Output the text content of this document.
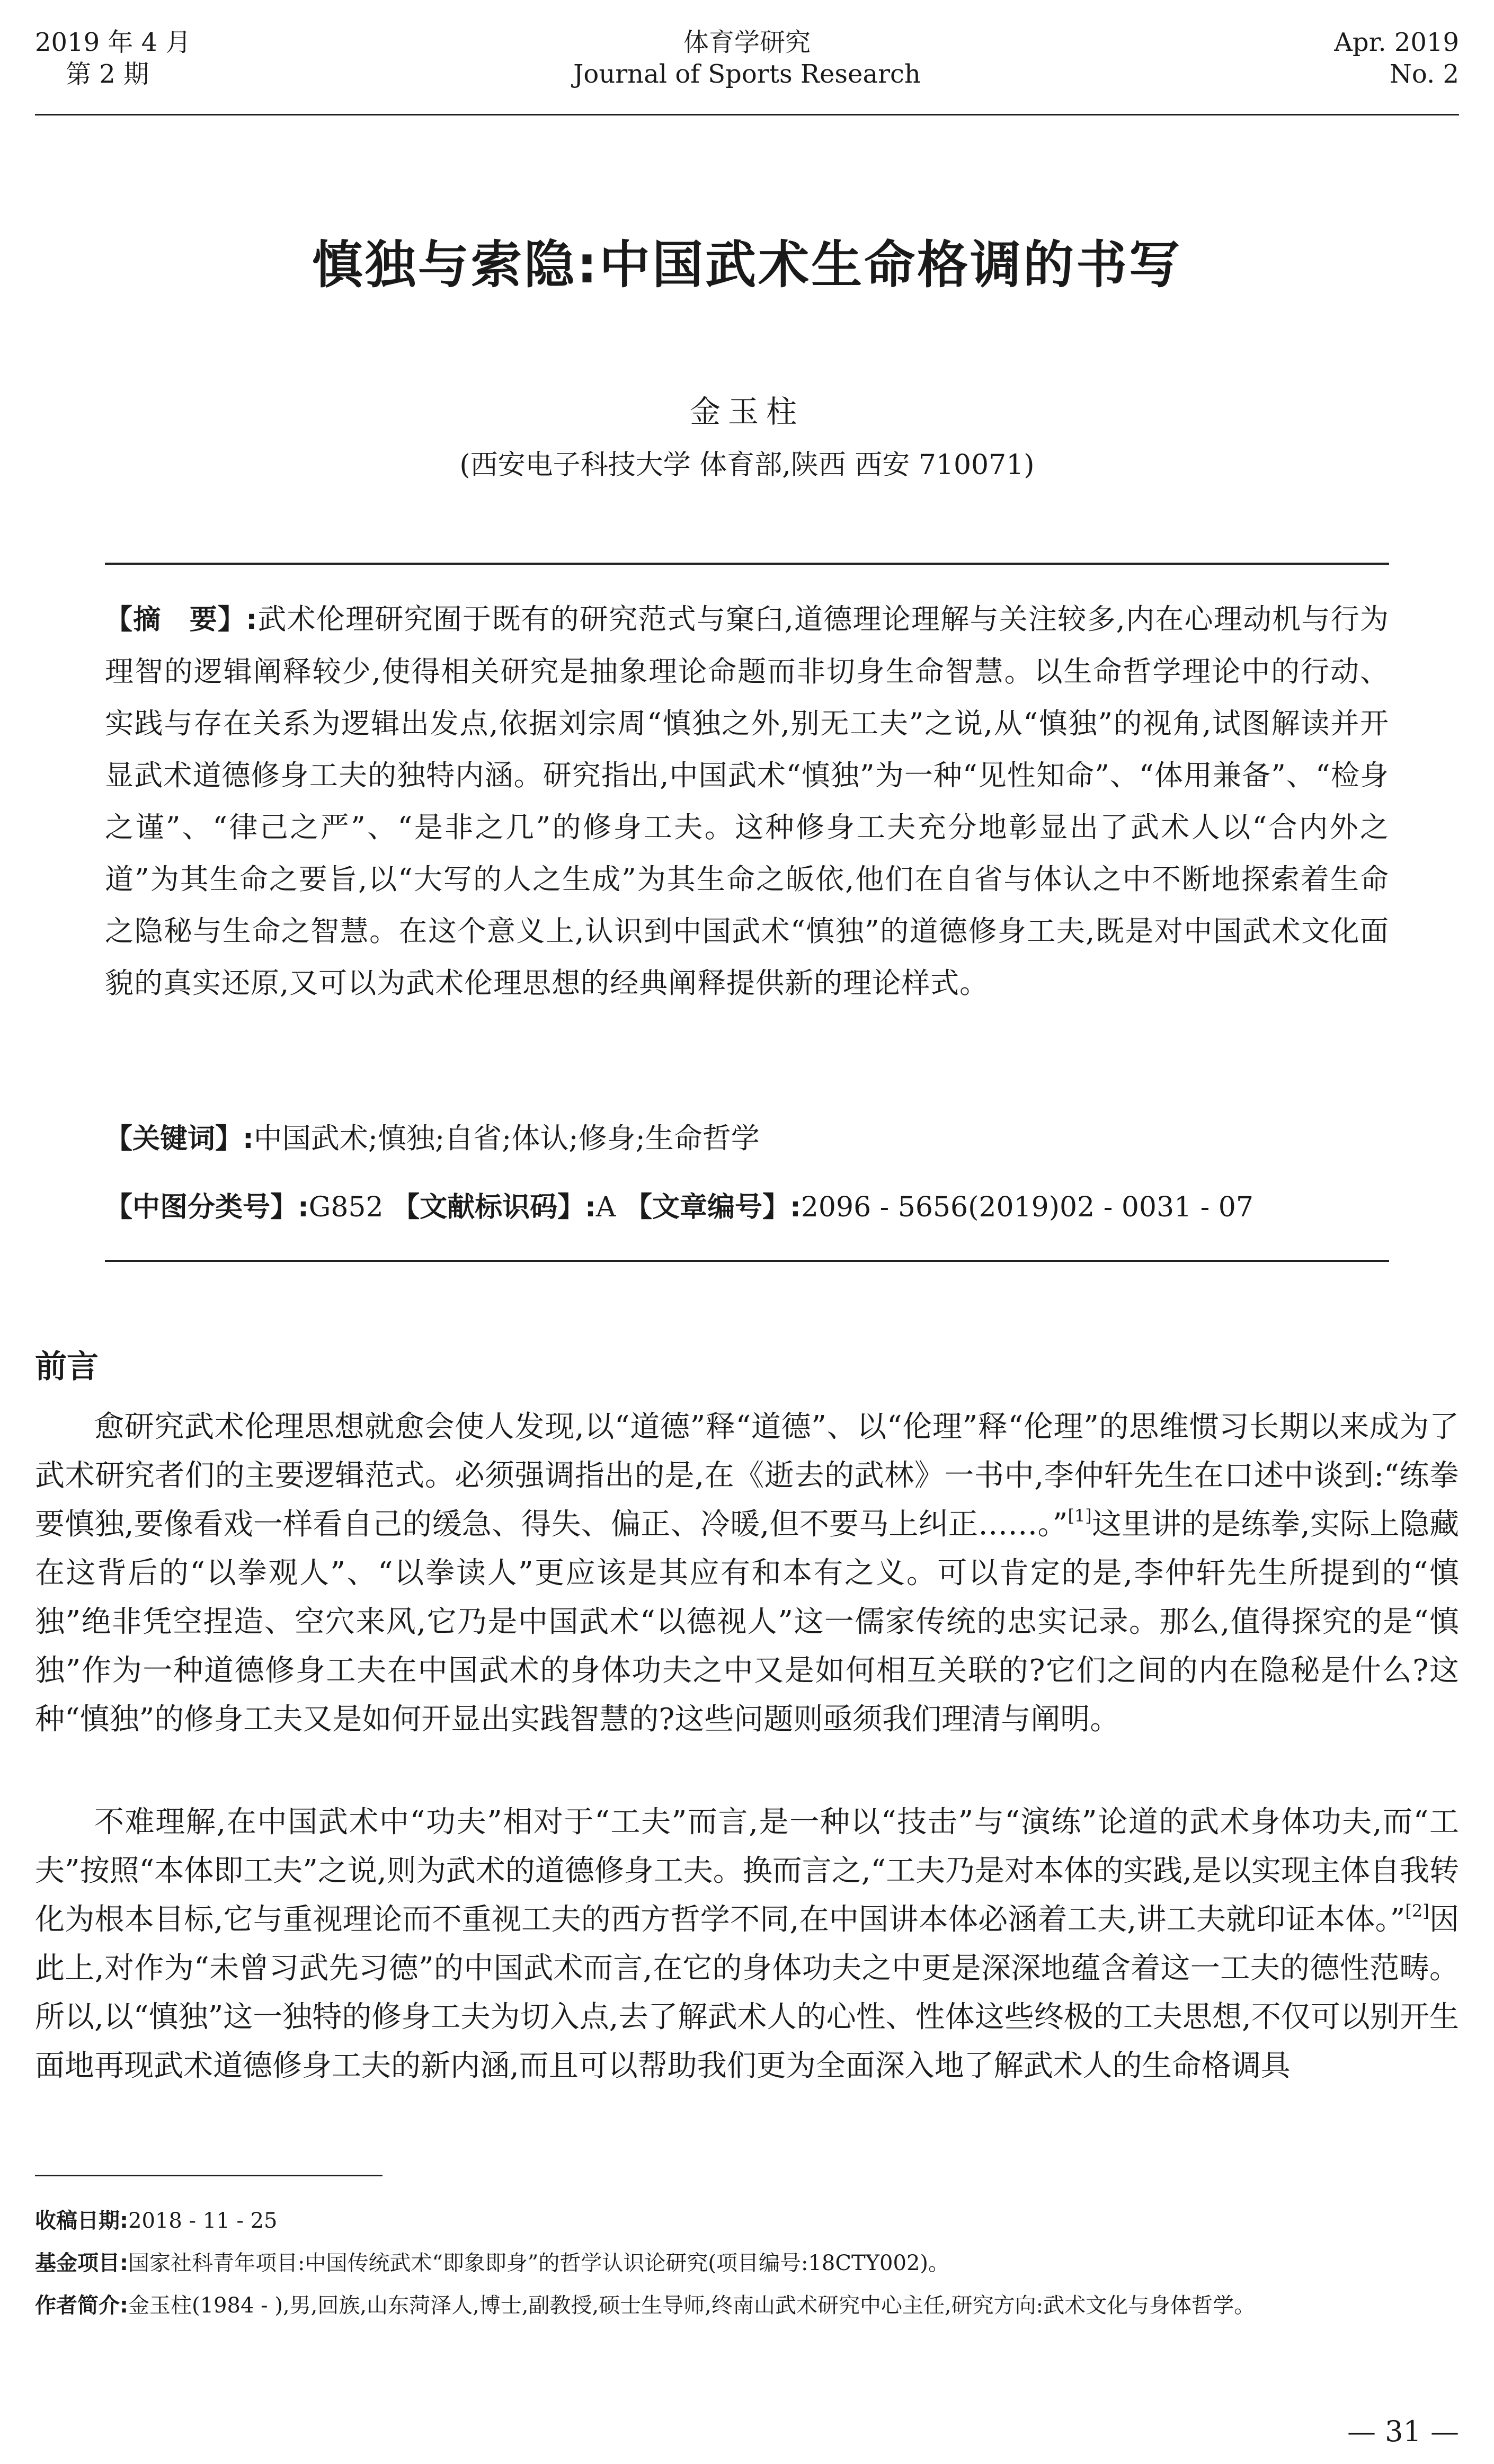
2019 年 4 月
第 2 期
体育学研究
Journal of Sports Research
Apr. 2019
No. 2
慎独与索隐:中国武术生命格调的书写
金玉柱
(西安电子科技大学 体育部,陕西 西安 710071)
【摘　要】:武术伦理研究囿于既有的研究范式与窠臼,道德理论理解与关注较多,内在心理动机与行为理智的逻辑阐释较少,使得相关研究是抽象理论命题而非切身生命智慧。以生命哲学理论中的行动、实践与存在关系为逻辑出发点,依据刘宗周“慎独之外,别无工夫”之说,从“慎独”的视角,试图解读并开显武术道德修身工夫的独特内涵。研究指出,中国武术“慎独”为一种“见性知命”、“体用兼备”、“检身之谨”、“律己之严”、“是非之几”的修身工夫。这种修身工夫充分地彰显出了武术人以“合内外之道”为其生命之要旨,以“大写的人之生成”为其生命之皈依,他们在自省与体认之中不断地探索着生命之隐秘与生命之智慧。在这个意义上,认识到中国武术“慎独”的道德修身工夫,既是对中国武术文化面貌的真实还原,又可以为武术伦理思想的经典阐释提供新的理论样式。
【关键词】:中国武术;慎独;自省;体认;修身;生命哲学
【中图分类号】:G852 【文献标识码】:A 【文章编号】:2096 - 5656(2019)02 - 0031 - 07
前言

愈研究武术伦理思想就愈会使人发现,以“道德”释“道德”、以“伦理”释“伦理”的思维惯习长期以来成为了武术研究者们的主要逻辑范式。必须强调指出的是,在《逝去的武林》一书中,李仲轩先生在口述中谈到:“练拳要慎独,要像看戏一样看自己的缓急、得失、偏正、冷暖,但不要马上纠正……。”[1]这里讲的是练拳,实际上隐藏在这背后的“以拳观人”、“以拳读人”更应该是其应有和本有之义。可以肯定的是,李仲轩先生所提到的“慎独”绝非凭空捏造、空穴来风,它乃是中国武术“以德视人”这一儒家传统的忠实记录。那么,值得探究的是“慎独”作为一种道德修身工夫在中国武术的身体功夫之中又是如何相互关联的?它们之间的内在隐秘是什么?这种“慎独”的修身工夫又是如何开显出实践智慧的?这些问题则亟须我们理清与阐明。

不难理解,在中国武术中“功夫”相对于“工夫”而言,是一种以“技击”与“演练”论道的武术身体功夫,而“工夫”按照“本体即工夫”之说,则为武术的道德修身工夫。换而言之,“工夫乃是对本体的实践,是以实现主体自我转化为根本目标,它与重视理论而不重视工夫的西方哲学不同,在中国讲本体必涵着工夫,讲工夫就印证本体。”[2]因此上,对作为“未曾习武先习德”的中国武术而言,在它的身体功夫之中更是深深地蕴含着这一工夫的德性范畴。所以,以“慎独”这一独特的修身工夫为切入点,去了解武术人的心性、性体这些终极的工夫思想,不仅可以别开生面地再现武术道德修身工夫的新内涵,而且可以帮助我们更为全面深入地了解武术人的生命格调具

收稿日期:2018 - 11 - 25
基金项目:国家社科青年项目:中国传统武术“即象即身”的哲学认识论研究(项目编号:18CTY002)。
作者简介:金玉柱(1984 - ),男,回族,山东菏泽人,博士,副教授,硕士生导师,终南山武术研究中心主任,研究方向:武术文化与身体哲学。
— 31 —
